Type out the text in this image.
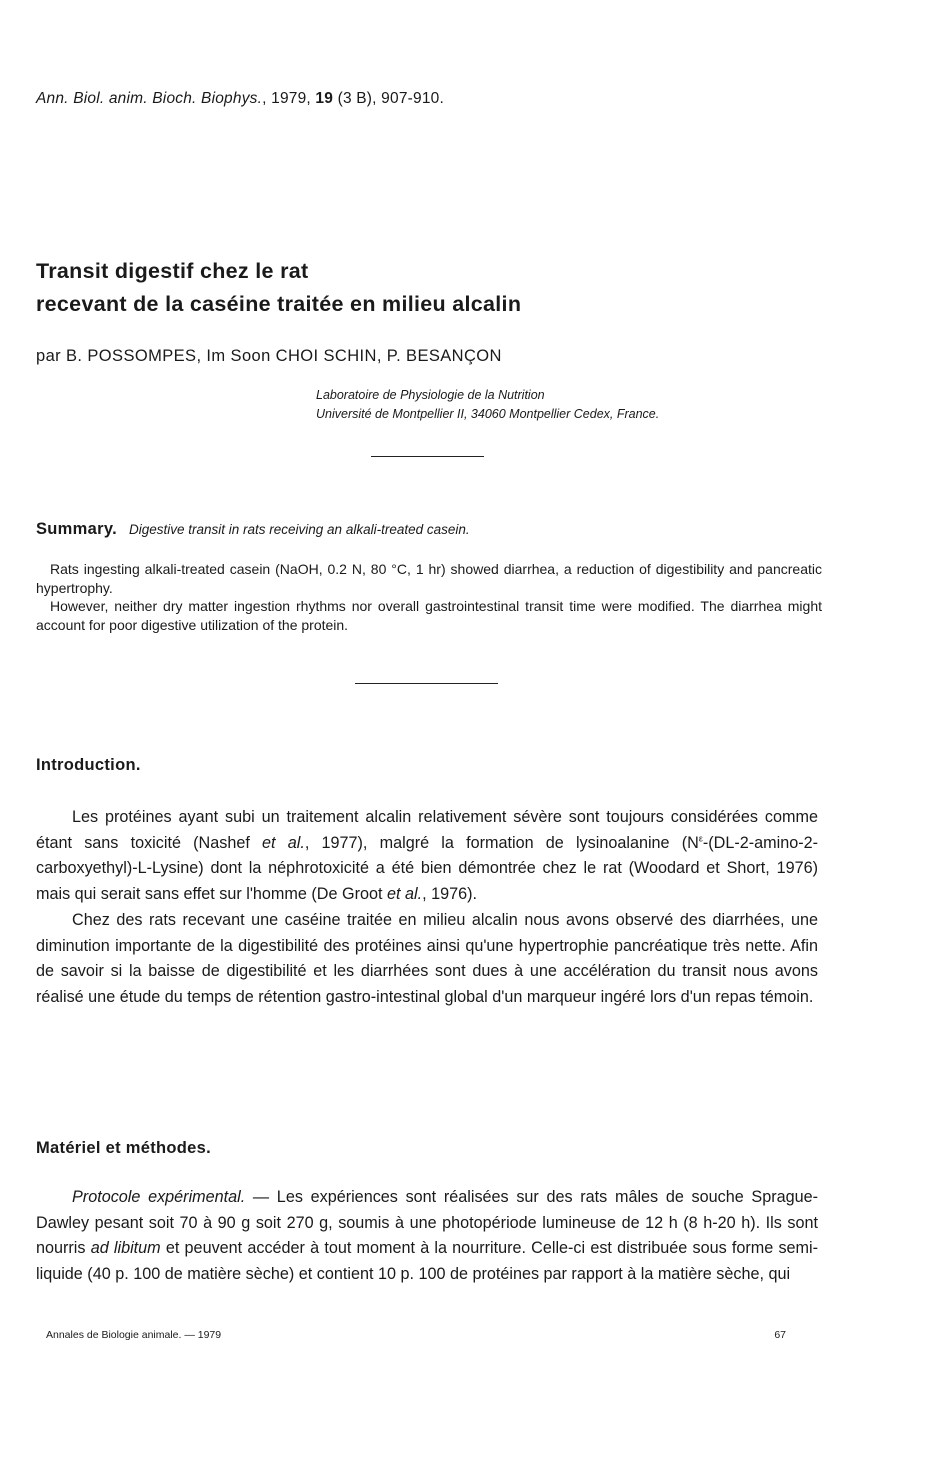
Ann. Biol. anim. Bioch. Biophys., 1979, 19 (3 B), 907-910.
Transit digestif chez le rat
recevant de la caséine traitée en milieu alcalin
par B. POSSOMPES, Im Soon CHOI SCHIN, P. BESANÇON
Laboratoire de Physiologie de la Nutrition
Université de Montpellier II, 34060 Montpellier Cedex, France.
Summary. Digestive transit in rats receiving an alkali-treated casein.

Rats ingesting alkali-treated casein (NaOH, 0.2 N, 80 °C, 1 hr) showed diarrhea, a reduction of digestibility and pancreatic hypertrophy.

However, neither dry matter ingestion rhythms nor overall gastrointestinal transit time were modified. The diarrhea might account for poor digestive utilization of the protein.

Introduction.

Les protéines ayant subi un traitement alcalin relativement sévère sont toujours considérées comme étant sans toxicité (Nashef et al., 1977), malgré la formation de lysinoalanine $(N^\varepsilon-(DL-2-amino-2-carboxyethyl)-L-Lysine)$ dont la néphrotoxicité a été bien démontrée chez le rat (Woodard et Short, 1976) mais qui serait sans effet sur l'homme (De Groot et al., 1976).

Chez des rats recevant une caséine traitée en milieu alcalin nous avons observé des diarrhées, une diminution importante de la digestibilité des protéines ainsi qu'une hypertrophie pancréatique très nette. Afin de savoir si la baisse de digestibilité et les diarrhées sont dues à une accélération du transit nous avons réalisé une étude du temps de rétention gastro-intestinal global d'un marqueur ingéré lors d'un repas témoin.

Matériel et méthodes.

Protocole expérimental. — Les expériences sont réalisées sur des rats mâles de souche Sprague-Dawley pesant soit 70 à 90 g soit 270 g, soumis à une photopériode lumineuse de 12 h (8 h-20 h). Ils sont nourris ad libitum et peuvent accéder à tout moment à la nourriture. Celle-ci est distribuée sous forme semi-liquide (40 p. 100 de matière sèche) et contient 10 p. 100 de protéines par rapport à la matière sèche, qui

Annales de Biologie animale. — 1979	67
